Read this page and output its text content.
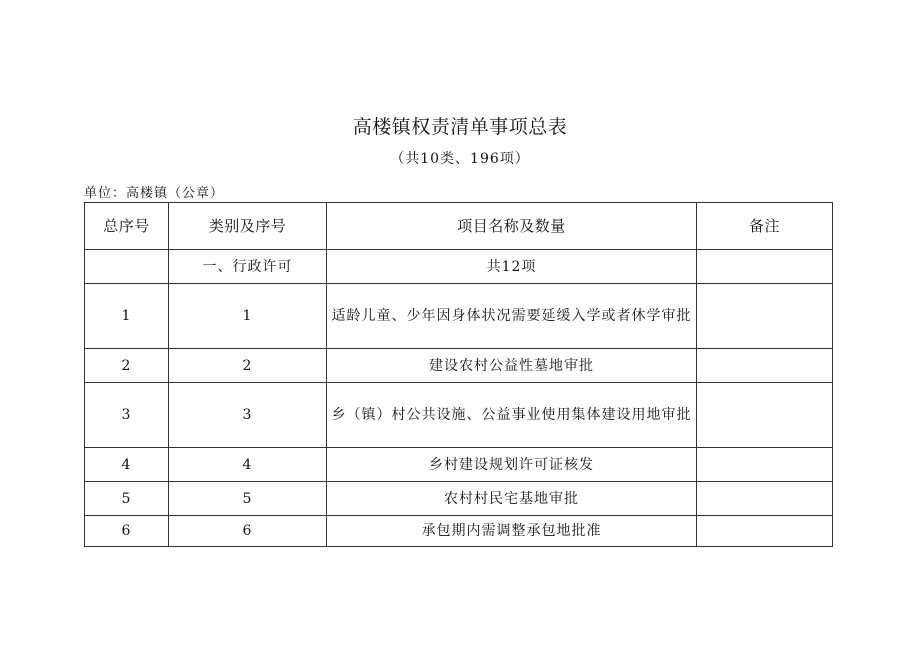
高楼镇权责清单事项总表
（共10类、196项）
单位：高楼镇（公章）
总序号	类别及序号	项目名称及数量	备注
	一、行政许可	共12项	
1	1	适龄儿童、少年因身体状况需要延缓入学或者休学审批	
2	2	建设农村公益性墓地审批	
3	3	乡（镇）村公共设施、公益事业使用集体建设用地审批	
4	4	乡村建设规划许可证核发	
5	5	农村村民宅基地审批	
6	6	承包期内需调整承包地批准	
